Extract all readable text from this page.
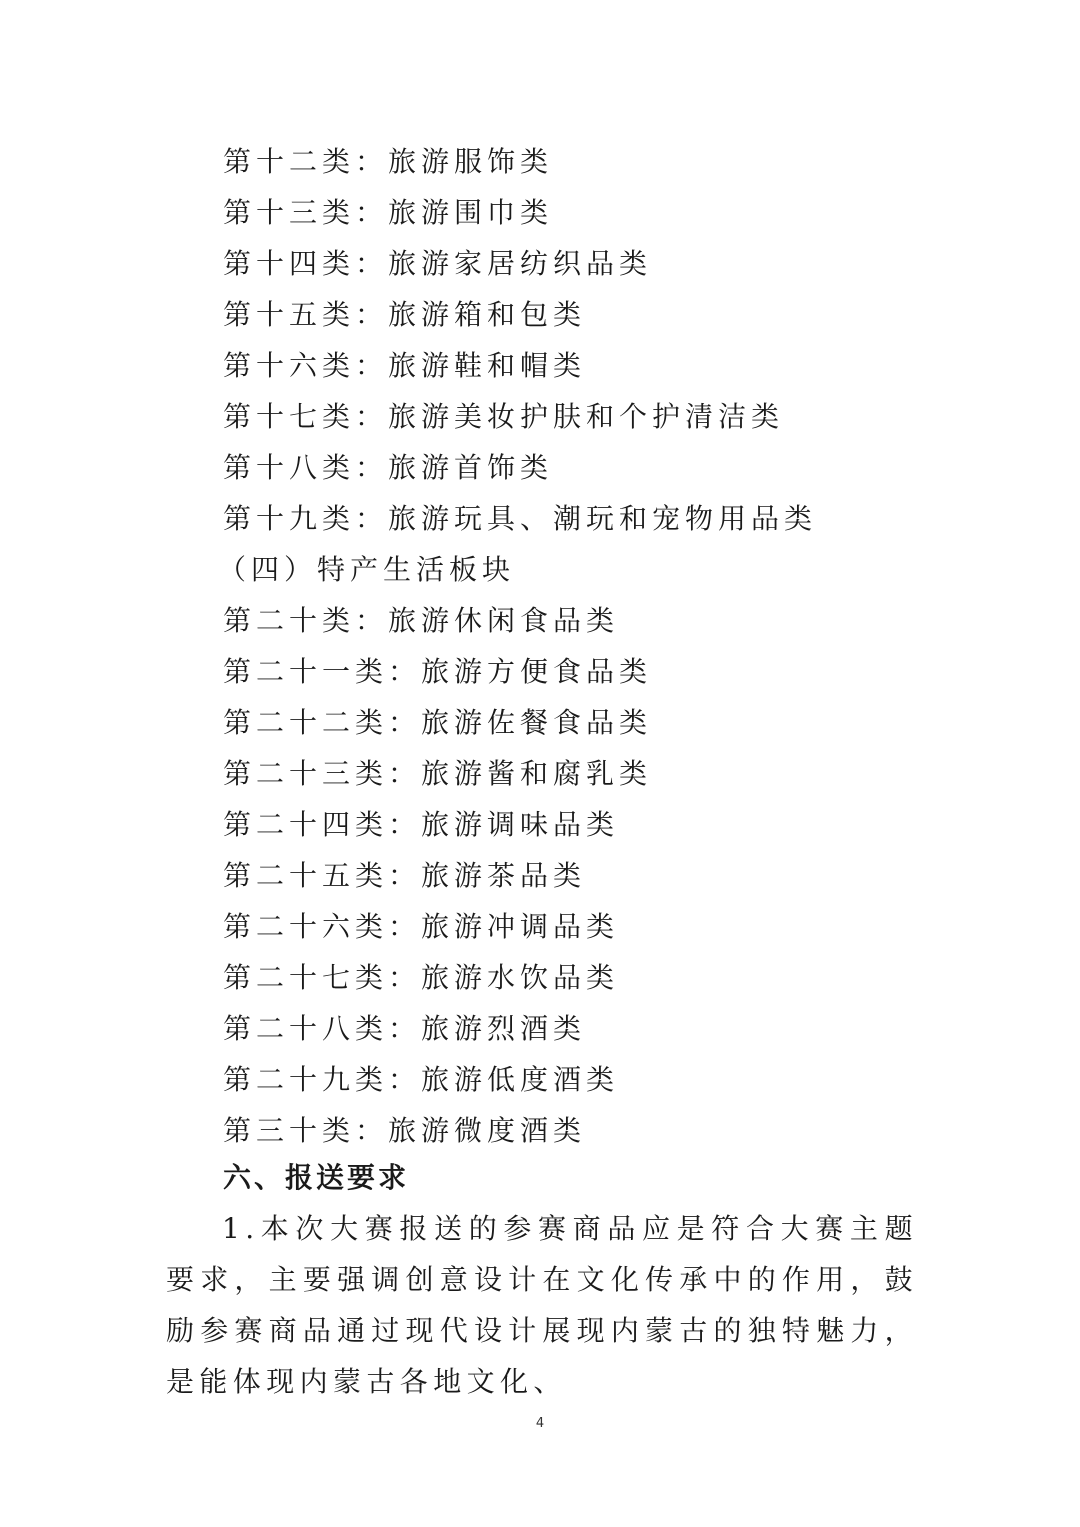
第十二类：旅游服饰类
第十三类：旅游围巾类
第十四类：旅游家居纺织品类
第十五类：旅游箱和包类
第十六类：旅游鞋和帽类
第十七类：旅游美妆护肤和个护清洁类
第十八类：旅游首饰类
第十九类：旅游玩具、潮玩和宠物用品类
（四）特产生活板块
第二十类：旅游休闲食品类
第二十一类：旅游方便食品类
第二十二类：旅游佐餐食品类
第二十三类：旅游酱和腐乳类
第二十四类：旅游调味品类
第二十五类：旅游茶品类
第二十六类：旅游冲调品类
第二十七类：旅游水饮品类
第二十八类：旅游烈酒类
第二十九类：旅游低度酒类
第三十类：旅游微度酒类
六、报送要求

1.本次大赛报送的参赛商品应是符合大赛主题要求，主要强调创意设计在文化传承中的作用，鼓励参赛商品通过现代设计展现内蒙古的独特魅力，是能体现内蒙古各地文化、

4
